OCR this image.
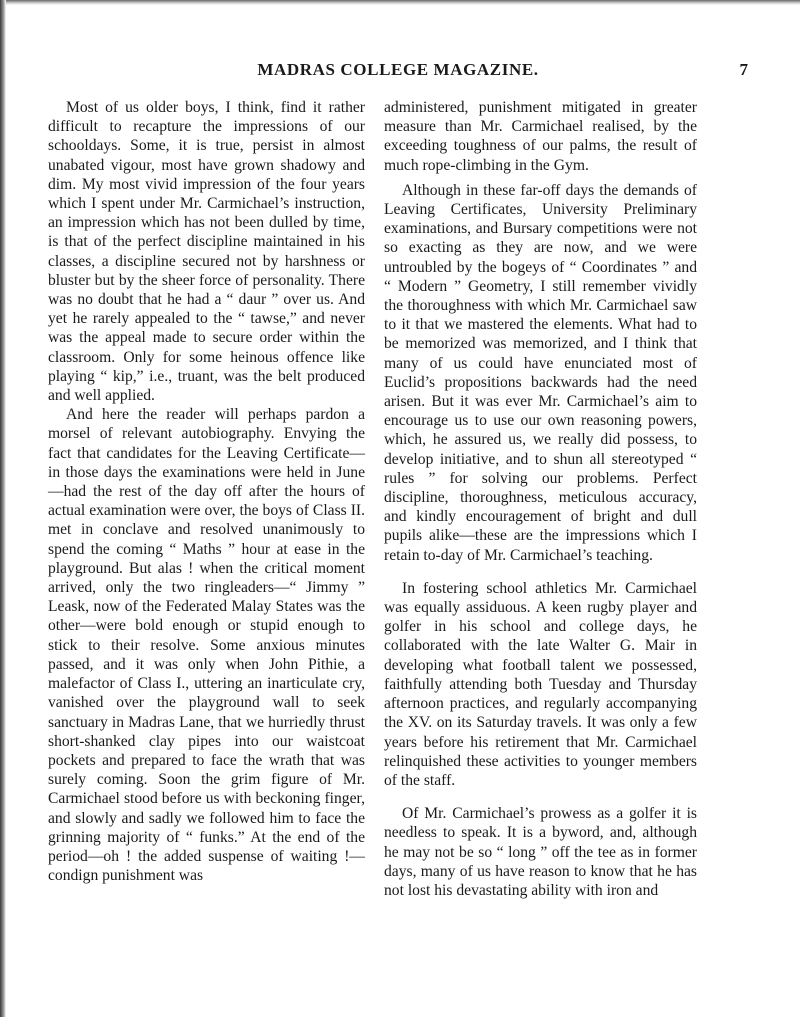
MADRAS COLLEGE MAGAZINE.	7

Most of us older boys, I think, find it rather difficult to recapture the impressions of our schooldays. Some, it is true, persist in almost unabated vigour, most have grown shadowy and dim. My most vivid impression of the four years which I spent under Mr. Carmichael’s instruction, an impression which has not been dulled by time, is that of the perfect discipline maintained in his classes, a discipline secured not by harshness or bluster but by the sheer force of personality. There was no doubt that he had a “ daur ” over us. And yet he rarely appealed to the “ tawse,” and never was the appeal made to secure order within the classroom. Only for some heinous offence like playing “ kip,” i.e., truant, was the belt produced and well applied.

And here the reader will perhaps pardon a morsel of relevant autobiography. Envying the fact that candidates for the Leaving Certificate—in those days the examinations were held in June—had the rest of the day off after the hours of actual examination were over, the boys of Class II. met in conclave and resolved unanimously to spend the coming “ Maths ” hour at ease in the playground. But alas ! when the critical moment arrived, only the two ringleaders—“ Jimmy ” Leask, now of the Federated Malay States was the other—were bold enough or stupid enough to stick to their resolve. Some anxious minutes passed, and it was only when John Pithie, a malefactor of Class I., uttering an inarticulate cry, vanished over the playground wall to seek sanctuary in Madras Lane, that we hurriedly thrust short-shanked clay pipes into our waistcoat pockets and prepared to face the wrath that was surely coming. Soon the grim figure of Mr. Carmichael stood before us with beckoning finger, and slowly and sadly we followed him to face the grinning majority of “ funks.” At the end of the period—oh ! the added suspense of waiting !—condign punishment was

administered, punishment mitigated in greater measure than Mr. Carmichael realised, by the exceeding toughness of our palms, the result of much rope-climbing in the Gym.

Although in these far-off days the demands of Leaving Certificates, University Preliminary examinations, and Bursary competitions were not so exacting as they are now, and we were untroubled by the bogeys of “ Coordinates ” and “ Modern ” Geometry, I still remember vividly the thoroughness with which Mr. Carmichael saw to it that we mastered the elements. What had to be memorized was memorized, and I think that many of us could have enunciated most of Euclid’s propositions backwards had the need arisen. But it was ever Mr. Carmichael’s aim to encourage us to use our own reasoning powers, which, he assured us, we really did possess, to develop initiative, and to shun all stereotyped “ rules ” for solving our problems. Perfect discipline, thoroughness, meticulous accuracy, and kindly encouragement of bright and dull pupils alike—these are the impressions which I retain to-day of Mr. Carmichael’s teaching.

In fostering school athletics Mr. Carmichael was equally assiduous. A keen rugby player and golfer in his school and college days, he collaborated with the late Walter G. Mair in developing what football talent we possessed, faithfully attending both Tuesday and Thursday afternoon practices, and regularly accompanying the XV. on its Saturday travels. It was only a few years before his retirement that Mr. Carmichael relinquished these activities to younger members of the staff.

Of Mr. Carmichael’s prowess as a golfer it is needless to speak. It is a byword, and, although he may not be so “ long ” off the tee as in former days, many of us have reason to know that he has not lost his devastating ability with iron and
